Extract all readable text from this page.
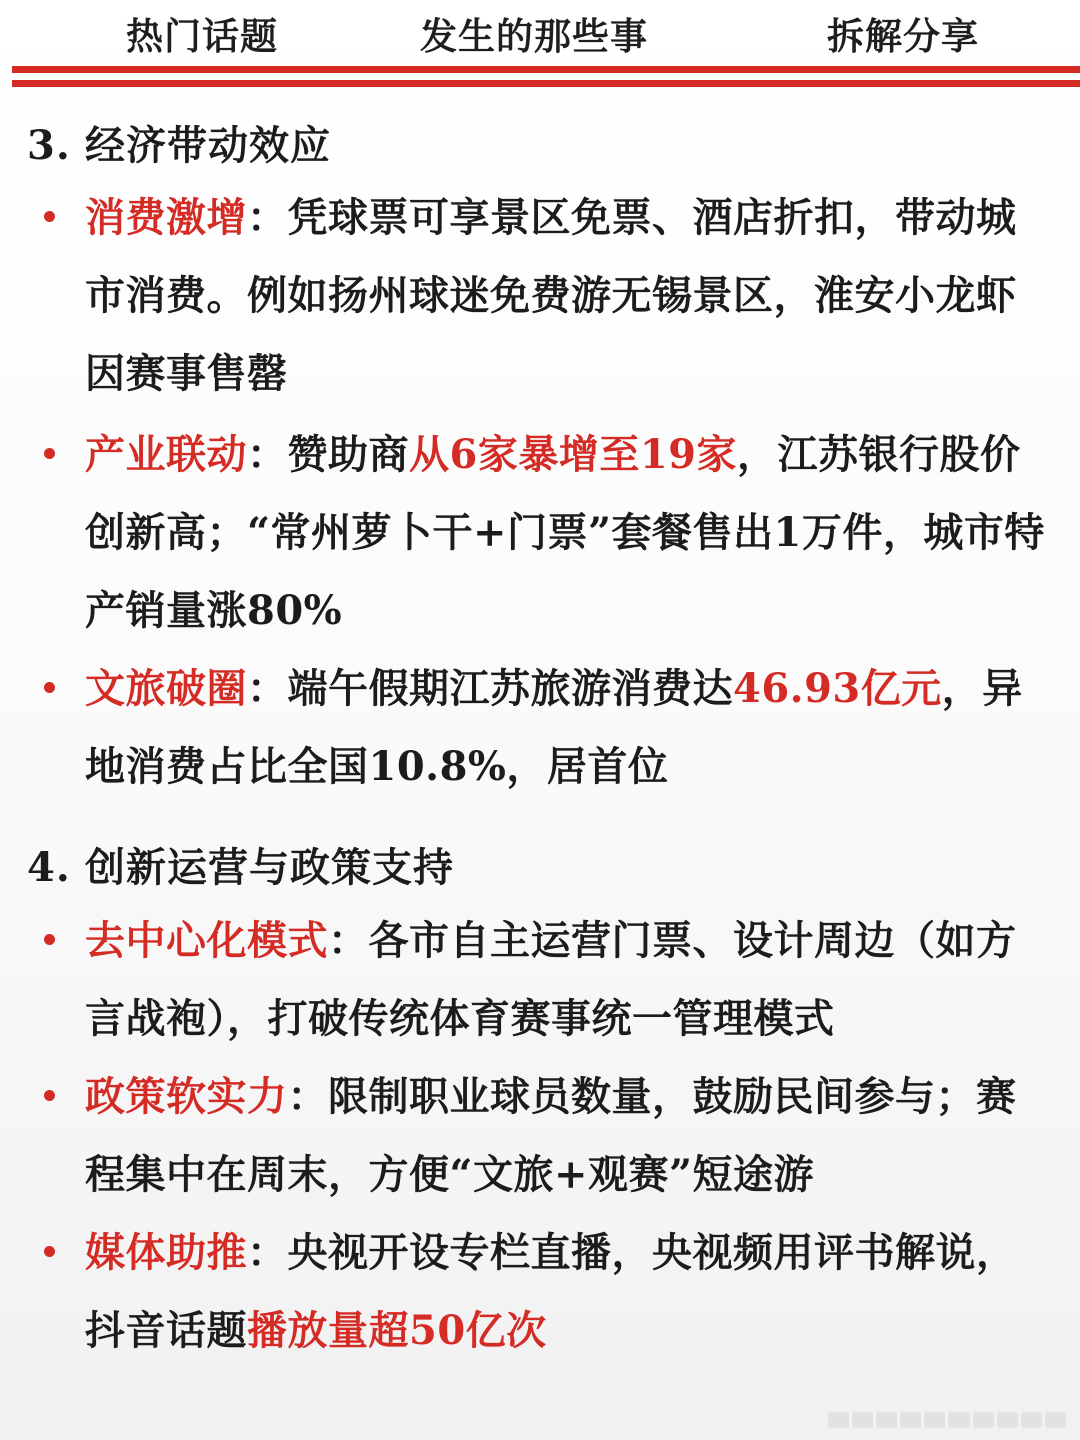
热门话题	发生的那些事	拆解分享
3. 经济带动效应
消费激增：凭球票可享景区免票、酒店折扣，带动城市消费。例如扬州球迷免费游无锡景区，淮安小龙虾因赛事售罄
产业联动：赞助商从6家暴增至19家，江苏银行股价创新高；“常州萝卜干+门票”套餐售出1万件，城市特产销量涨80%
文旅破圈：端午假期江苏旅游消费达46.93亿元，异地消费占比全国10.8%，居首位
4. 创新运营与政策支持
去中心化模式：各市自主运营门票、设计周边（如方言战袍），打破传统体育赛事统一管理模式
政策软实力：限制职业球员数量，鼓励民间参与；赛程集中在周末，方便“文旅+观赛”短途游
媒体助推：央视开设专栏直播，央视频用评书解说，抖音话题播放量超50亿次
